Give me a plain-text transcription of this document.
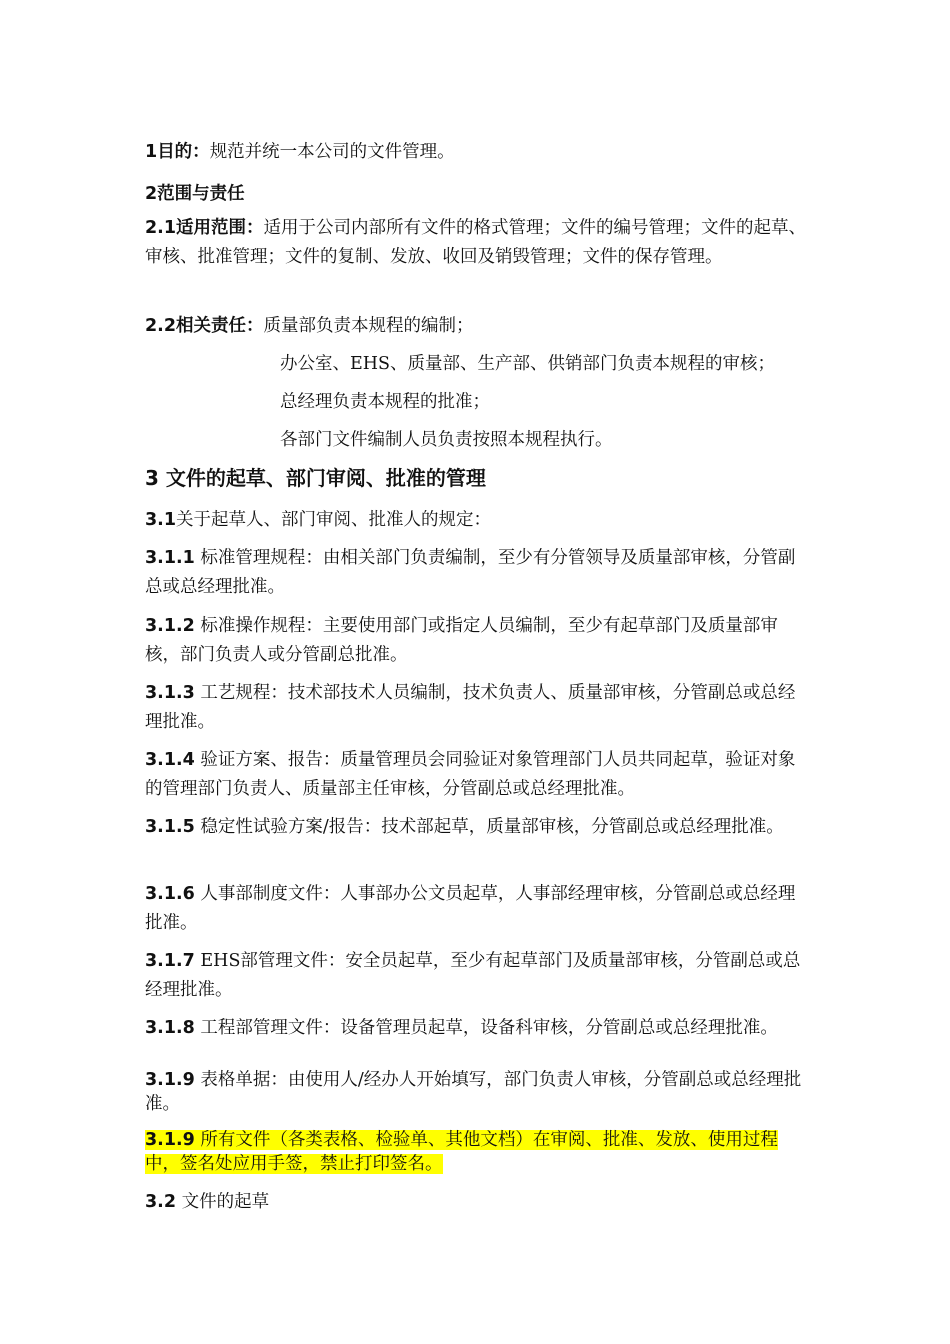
1目的：规范并统一本公司的文件管理。

2范围与责任

2.1适用范围：适用于公司内部所有文件的格式管理；文件的编号管理；文件的起草、审核、批准管理；文件的复制、发放、收回及销毁管理；文件的保存管理。

2.2相关责任：质量部负责本规程的编制；

办公室、EHS、质量部、生产部、供销部门负责本规程的审核；

总经理负责本规程的批准；

各部门文件编制人员负责按照本规程执行。

3 文件的起草、部门审阅、批准的管理

3.1关于起草人、部门审阅、批准人的规定：

3.1.1 标准管理规程：由相关部门负责编制，至少有分管领导及质量部审核，分管副总或总经理批准。

3.1.2 标准操作规程：主要使用部门或指定人员编制，至少有起草部门及质量部审核，部门负责人或分管副总批准。

3.1.3 工艺规程：技术部技术人员编制，技术负责人、质量部审核，分管副总或总经理批准。

3.1.4 验证方案、报告：质量管理员会同验证对象管理部门人员共同起草，验证对象的管理部门负责人、质量部主任审核，分管副总或总经理批准。

3.1.5 稳定性试验方案/报告：技术部起草，质量部审核，分管副总或总经理批准。

3.1.6 人事部制度文件：人事部办公文员起草，人事部经理审核，分管副总或总经理批准。

3.1.7 EHS部管理文件：安全员起草，至少有起草部门及质量部审核，分管副总或总经理批准。

3.1.8 工程部管理文件：设备管理员起草，设备科审核，分管副总或总经理批准。

3.1.9 表格单据：由使用人/经办人开始填写，部门负责人审核，分管副总或总经理批准。

3.1.9 所有文件（各类表格、检验单、其他文档）在审阅、批准、发放、使用过程中，签名处应用手签，禁止打印签名。

3.2 文件的起草
